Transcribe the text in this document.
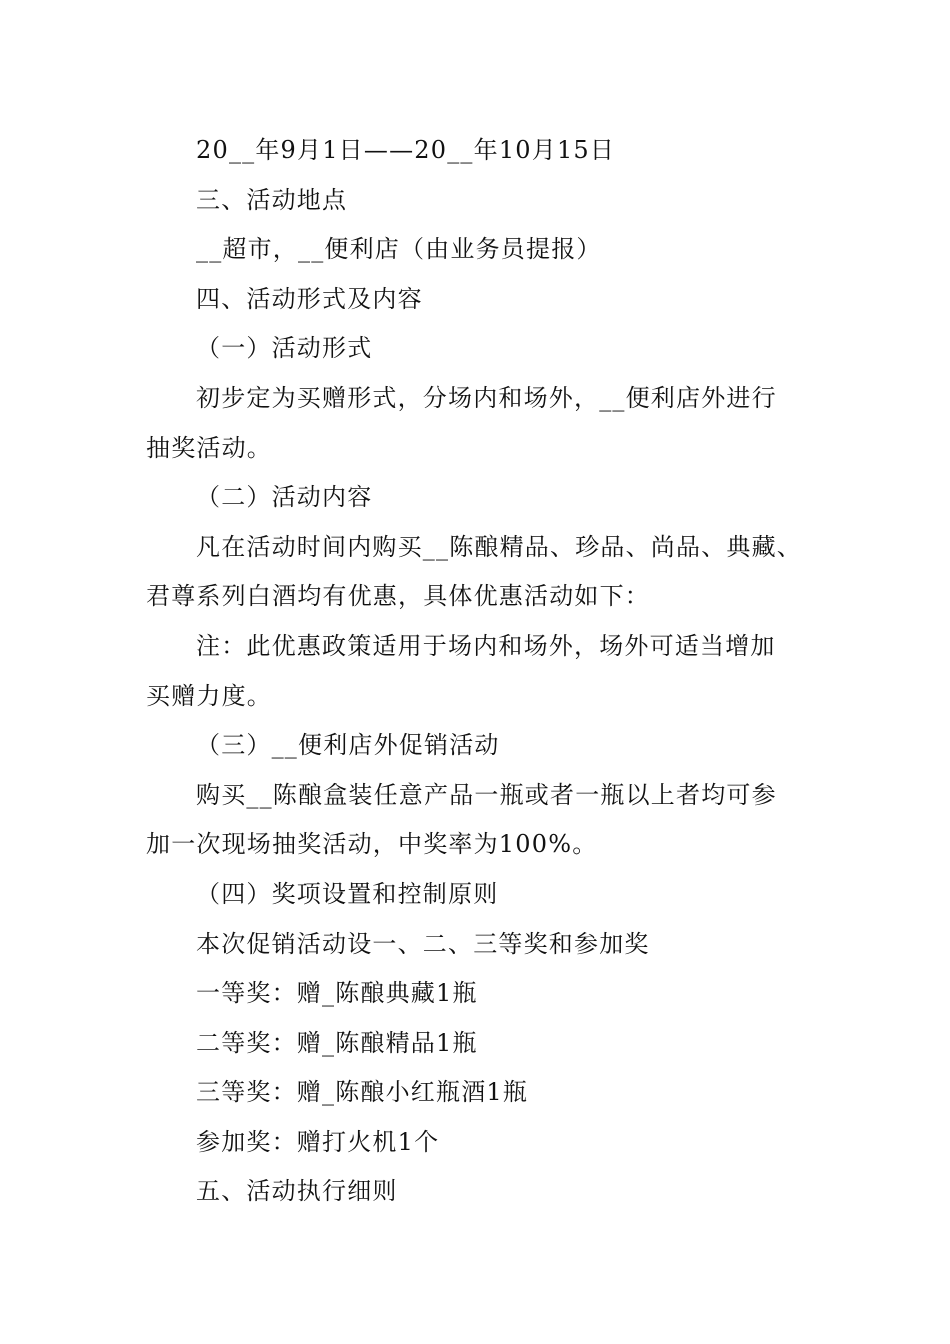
20__年9月1日——20__年10月15日
三、活动地点
__超市，__便利店（由业务员提报）
四、活动形式及内容
（一）活动形式
初步定为买赠形式，分场内和场外，__便利店外进行
抽奖活动。
（二）活动内容
凡在活动时间内购买__陈酿精品、珍品、尚品、典藏、
君尊系列白酒均有优惠，具体优惠活动如下：
注：此优惠政策适用于场内和场外，场外可适当增加
买赠力度。
（三）__便利店外促销活动
购买__陈酿盒装任意产品一瓶或者一瓶以上者均可参
加一次现场抽奖活动，中奖率为100%。
（四）奖项设置和控制原则
本次促销活动设一、二、三等奖和参加奖
一等奖：赠_陈酿典藏1瓶
二等奖：赠_陈酿精品1瓶
三等奖：赠_陈酿小红瓶酒1瓶
参加奖：赠打火机1个
五、活动执行细则
